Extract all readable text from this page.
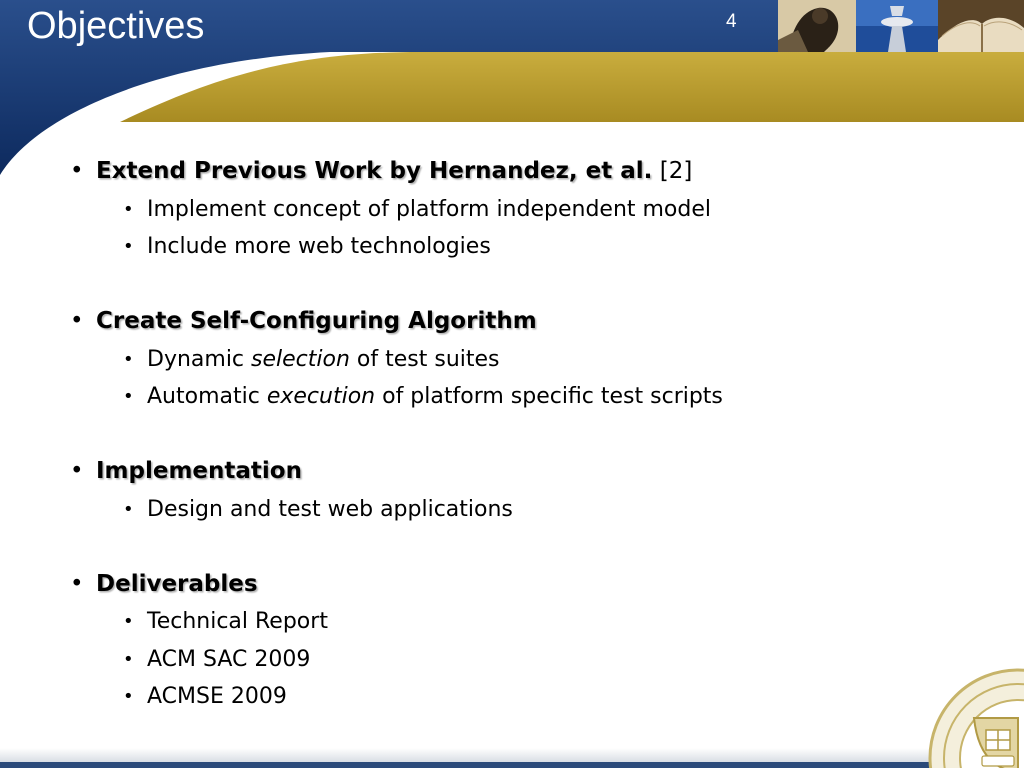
Objectives	4
• Extend Previous Work by Hernandez, et al. [2]
• Implement concept of platform independent model
• Include more web technologies
• Create Self-Configuring Algorithm
• Dynamic selection of test suites
• Automatic execution of platform specific test scripts
• Implementation
• Design and test web applications
• Deliverables
• Technical Report
• ACM SAC 2009
• ACMSE 2009
